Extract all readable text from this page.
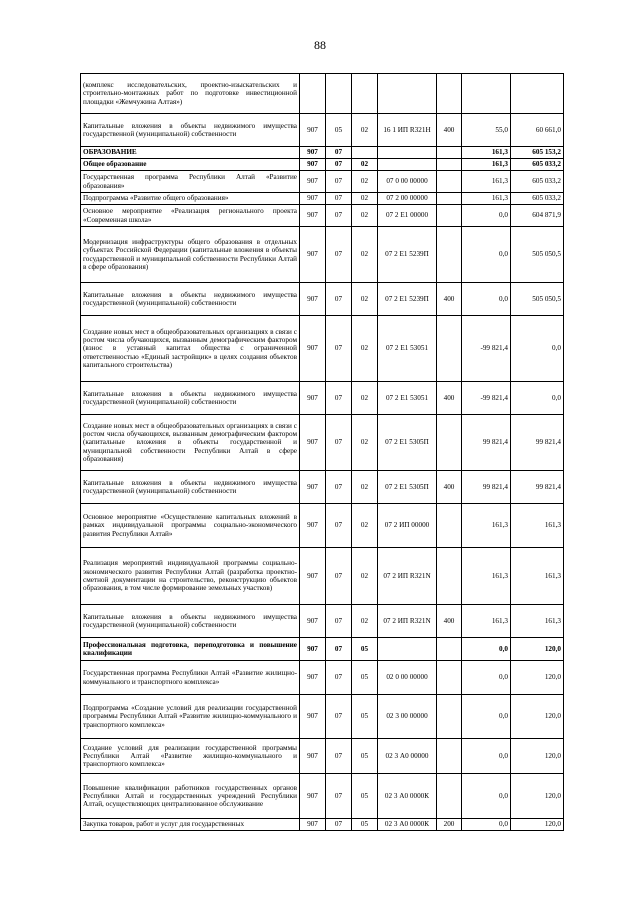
88
(комплекс исследовательских, проектно-изыскательских и строительно-монтажных работ по подготовке инвестиционной площадки «Жемчужина Алтая»)							
Капитальные вложения в объекты недвижимого имущества государственной (муниципальной) собственности	907	05	02	16 1 ИП R321Н	400	55,0	60 661,0
ОБРАЗОВАНИЕ	907	07				161,3	605 153,2
Общее образование	907	07	02			161,3	605 033,2
Государственная программа Республики Алтай «Развитие образования»	907	07	02	07 0 00 00000		161,3	605 033,2
Подпрограмма «Развитие общего образования»	907	07	02	07 2 00 00000		161,3	605 033,2
Основное мероприятие «Реализация регионального проекта «Современная школа»	907	07	02	07 2 E1 00000		0,0	604 871,9
Модернизация инфраструктуры общего образования в отдельных субъектах Российской Федерации (капитальные вложения в объекты государственной и муниципальной собственности Республики Алтай в сфере образования)	907	07	02	07 2 E1 5239П		0,0	505 050,5
Капитальные вложения в объекты недвижимого имущества государственной (муниципальной) собственности	907	07	02	07 2 E1 5239П	400	0,0	505 050,5
Создание новых мест в общеобразовательных организациях в связи с ростом числа обучающихся, вызванным демографическим фактором (взнос в уставный капитал общества с ограниченной ответственностью «Единый застройщик» в целях создания объектов капитального строительства)	907	07	02	07 2 E1 53051		-99 821,4	0,0
Капитальные вложения в объекты недвижимого имущества государственной (муниципальной) собственности	907	07	02	07 2 E1 53051	400	-99 821,4	0,0
Создание новых мест в общеобразовательных организациях в связи с ростом числа обучающихся, вызванным демографическим фактором (капитальные вложения в объекты государственной и муниципальной собственности Республики Алтай в сфере образования)	907	07	02	07 2 E1 5305П		99 821,4	99 821,4
Капитальные вложения в объекты недвижимого имущества государственной (муниципальной) собственности	907	07	02	07 2 E1 5305П	400	99 821,4	99 821,4
Основное мероприятие «Осуществление капитальных вложений в рамках индивидуальной программы социально-экономического развития Республики Алтай»	907	07	02	07 2 ИП 00000		161,3	161,3
Реализация мероприятий индивидуальной программы социально-экономического развития Республики Алтай (разработка проектно-сметной документации на строительство, реконструкцию объектов образования, в том числе формирование земельных участков)	907	07	02	07 2 ИП R321N		161,3	161,3
Капитальные вложения в объекты недвижимого имущества государственной (муниципальной) собственности	907	07	02	07 2 ИП R321N	400	161,3	161,3
Профессиональная подготовка, переподготовка и повышение квалификации	907	07	05			0,0	120,0
Государственная программа Республики Алтай «Развитие жилищно-коммунального и транспортного комплекса»	907	07	05	02 0 00 00000		0,0	120,0
Подпрограмма «Создание условий для реализации государственной программы Республики Алтай «Развитие жилищно-коммунального и транспортного комплекса»	907	07	05	02 3 00 00000		0,0	120,0
Создание условий для реализации государственной программы Республики Алтай «Развитие жилищно-коммунального и транспортного комплекса»	907	07	05	02 3 А0 00000		0,0	120,0
Повышение квалификации работников государственных органов Республики Алтай и государственных учреждений Республики Алтай, осуществляющих централизованное обслуживание	907	07	05	02 3 А0 0000К		0,0	120,0
Закупка товаров, работ и услуг для государственных	907	07	05	02 3 А0 0000К	200	0,0	120,0
